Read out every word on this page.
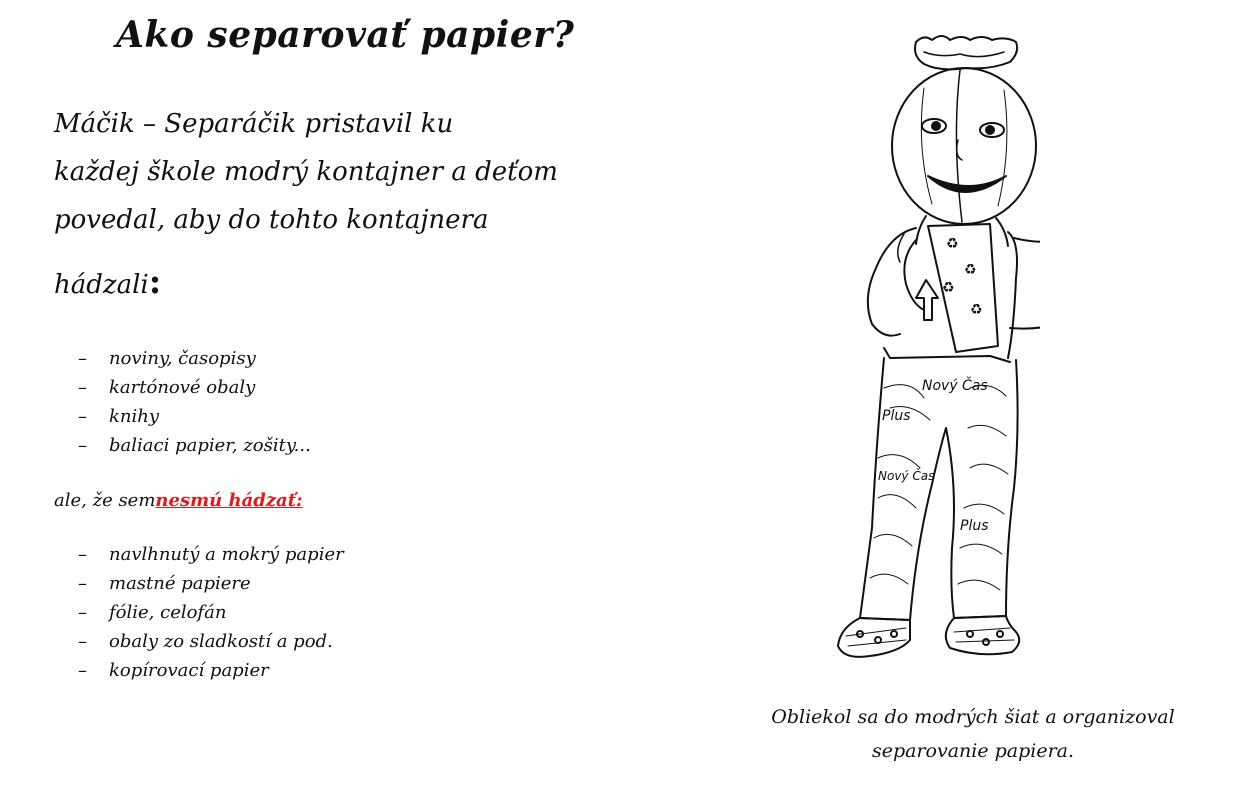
Ako separovať papier?
Máčik – Separáčik pristavil ku
každej škole modrý kontajner a deťom
povedal, aby do tohto kontajnera
hádzali:
– noviny, časopisy
– kartónové obaly
– knihy
– baliaci papier, zošity...
ale, že semnesmú hádzať:
– navlhnutý a mokrý papier
– mastné papiere
– fólie, celofán
– obaly zo sladkostí a pod.
– kopírovací papier
♻
♻
♻
♻
Nový Čas
Plus
Nový Čas
Plus
Obliekol sa do modrých šiat a organizoval
separovanie papiera.
